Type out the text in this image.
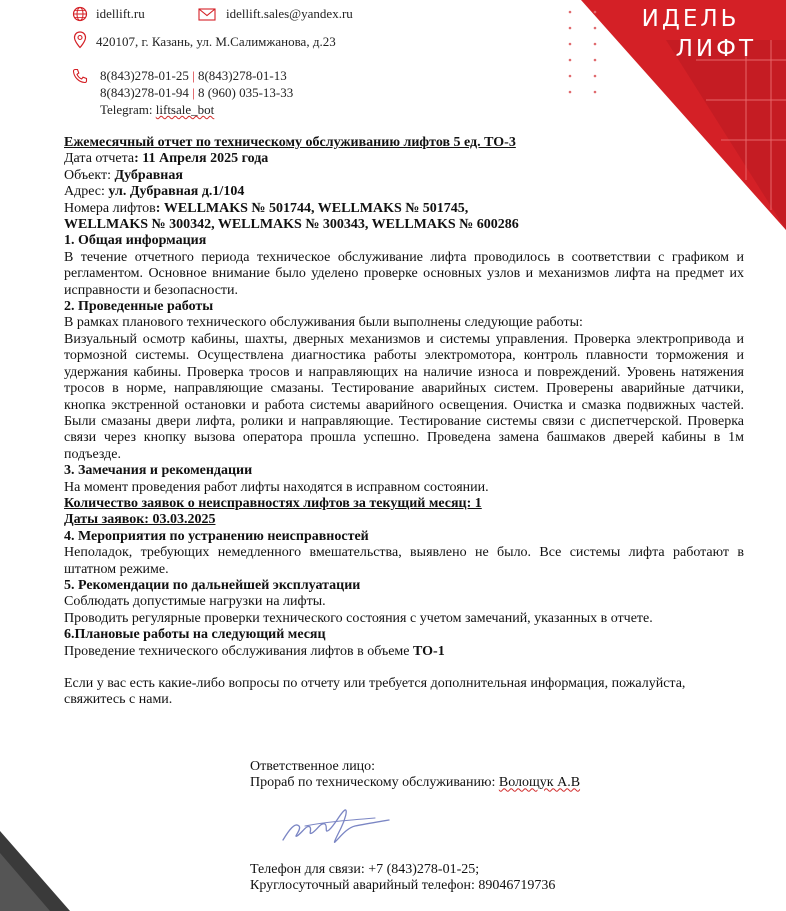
ИДЕЛЬ
ЛИФТ
idellift.ru	idellift.sales@yandex.ru
420107, г. Казань, ул. М.Салимжанова, д.23
8(843)278-01-25 | 8(843)278-01-13
8(843)278-01-94 | 8 (960) 035-13-33
Telegram: liftsale_bot

Ежемесячный отчет по техническому обслуживанию лифтов 5 ед. ТО-3

Дата отчета: 11 Апреля 2025 года

Объект: Дубравная

Адрес: ул. Дубравная д.1/104

Номера лифтов: WELLMAKS № 501744, WELLMAKS № 501745,

WELLMAKS № 300342, WELLMAKS № 300343, WELLMAKS № 600286

1. Общая информация

В течение отчетного периода техническое обслуживание лифта проводилось в соответствии с графиком и регламентом. Основное внимание было уделено проверке основных узлов и механизмов лифта на предмет их исправности и безопасности.

2. Проведенные работы

В рамках планового технического обслуживания были выполнены следующие работы:

Визуальный осмотр кабины, шахты, дверных механизмов и системы управления. Проверка электропривода и тормозной системы. Осуществлена диагностика работы электромотора, контроль плавности торможения и удержания кабины. Проверка тросов и направляющих на наличие износа и повреждений. Уровень натяжения тросов в норме, направляющие смазаны. Тестирование аварийных систем. Проверены аварийные датчики, кнопка экстренной остановки и работа системы аварийного освещения. Очистка и смазка подвижных частей. Были смазаны двери лифта, ролики и направляющие. Тестирование системы связи с диспетчерской. Проверка связи через кнопку вызова оператора прошла успешно. Проведена замена башмаков дверей кабины в 1м подъезде.

3. Замечания и рекомендации

На момент проведения работ лифты находятся в исправном состоянии.

Количество заявок о неисправностях лифтов за текущий месяц: 1

Даты заявок: 03.03.2025

4. Мероприятия по устранению неисправностей

Неполадок, требующих немедленного вмешательства, выявлено не было. Все системы лифта работают в штатном режиме.

5. Рекомендации по дальнейшей эксплуатации

Соблюдать допустимые нагрузки на лифты.

Проводить регулярные проверки технического состояния с учетом замечаний, указанных в отчете.

6.Плановые работы на следующий месяц

Проведение технического обслуживания лифтов в объеме ТО-1

Если у вас есть какие-либо вопросы по отчету или требуется дополнительная информация, пожалуйста, свяжитесь с нами.

Ответственное лицо:

Прораб по техническому обслуживанию: Волощук А.В

Телефон для связи: +7 (843)278-01-25;

Круглосуточный аварийный телефон: 89046719736
